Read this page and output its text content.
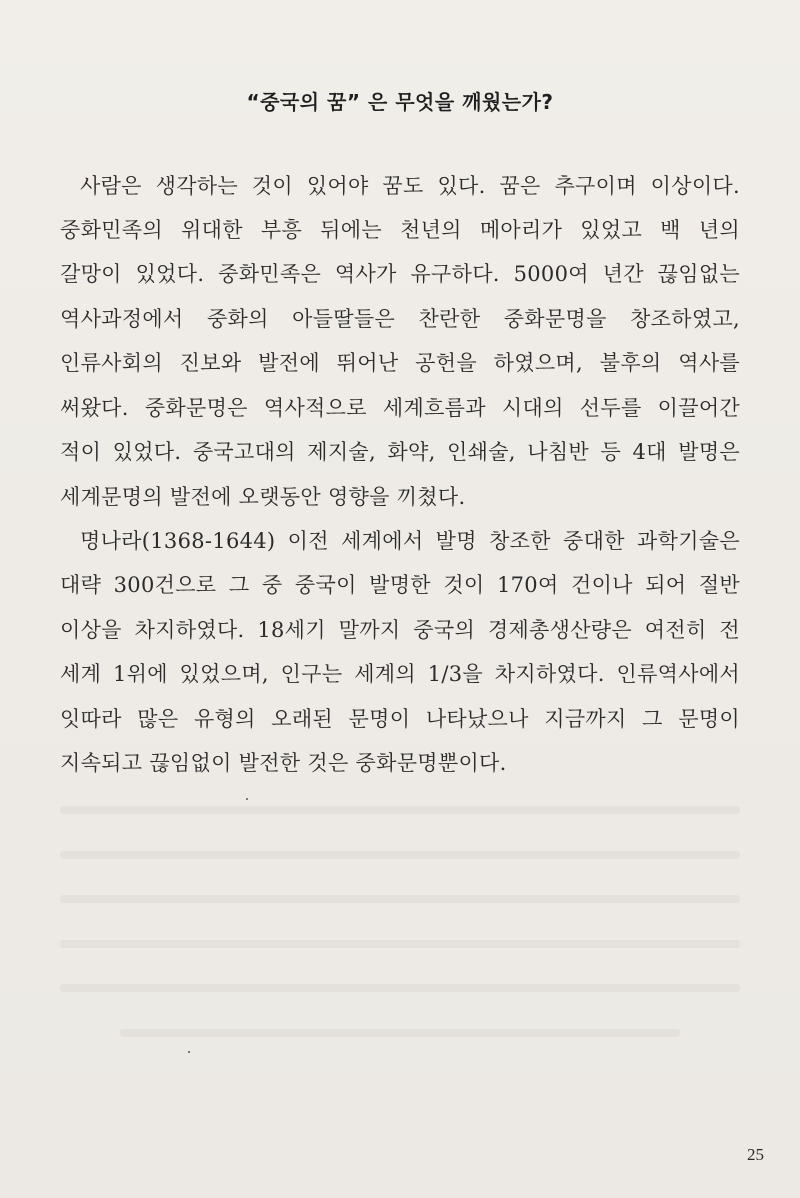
“중국의 꿈” 은 무엇을 깨웠는가?
사람은 생각하는 것이 있어야 꿈도 있다. 꿈은 추구이며 이상이다.
중화민족의 위대한 부흥 뒤에는 천년의 메아리가 있었고 백 년의
갈망이 있었다. 중화민족은 역사가 유구하다. 5000여 년간 끊임없는
역사과정에서 중화의 아들딸들은 찬란한 중화문명을 창조하였고,
인류사회의 진보와 발전에 뛰어난 공헌을 하였으며, 불후의 역사를
써왔다. 중화문명은 역사적으로 세계흐름과 시대의 선두를 이끌어간
적이 있었다. 중국고대의 제지술, 화약, 인쇄술, 나침반 등 4대 발명은
세계문명의 발전에 오랫동안 영향을 끼쳤다.
명나라(1368-1644) 이전 세계에서 발명 창조한 중대한 과학기술은
대략 300건으로 그 중 중국이 발명한 것이 170여 건이나 되어 절반
이상을 차지하였다. 18세기 말까지 중국의 경제총생산량은 여전히 전
세계 1위에 있었으며, 인구는 세계의 1/3을 차지하였다. 인류역사에서
잇따라 많은 유형의 오래된 문명이 나타났으나 지금까지 그 문명이
지속되고 끊임없이 발전한 것은 중화문명뿐이다.
25
